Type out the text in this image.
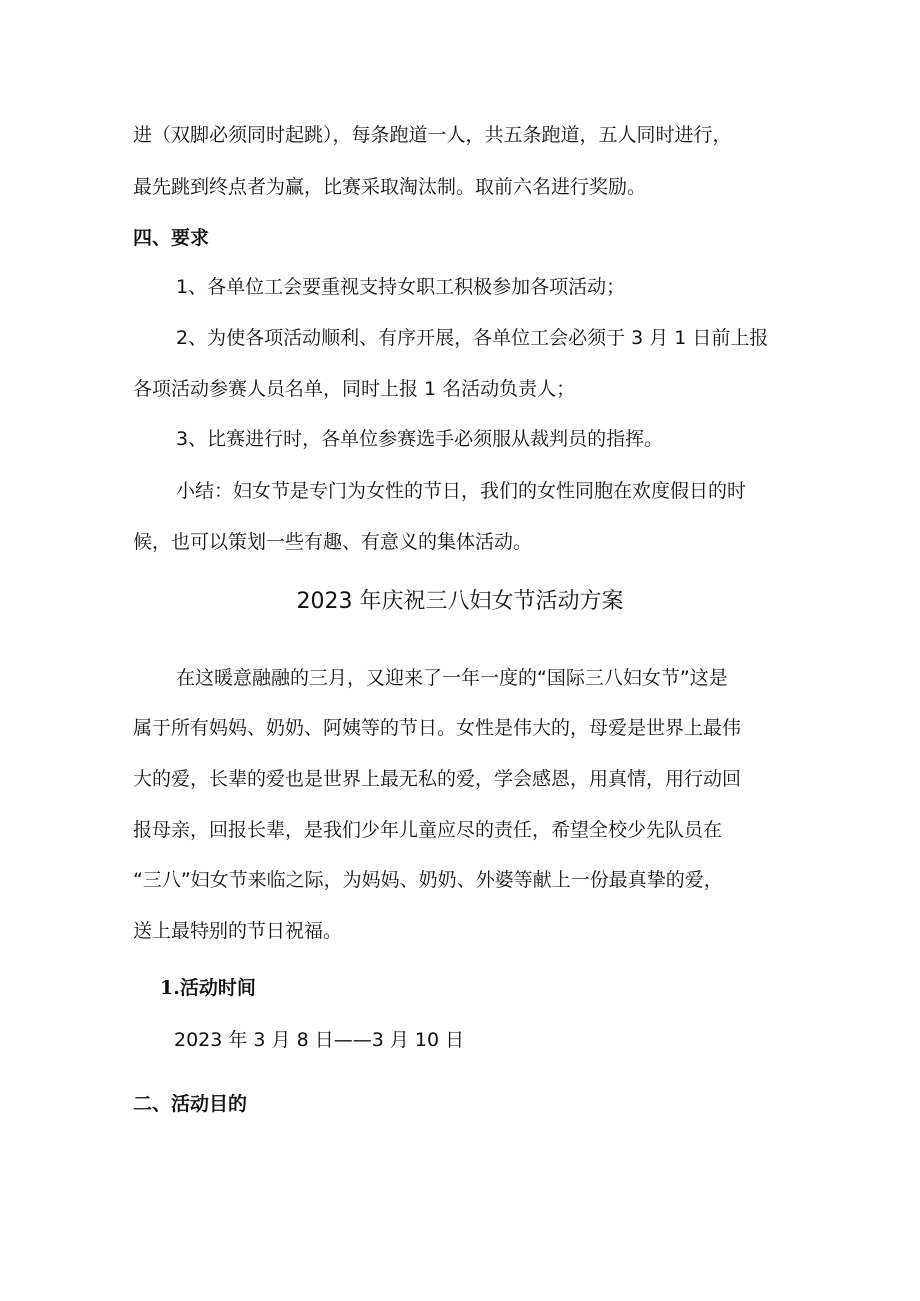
进（双脚必须同时起跳），每条跑道一人，共五条跑道，五人同时进行，

最先跳到终点者为赢，比赛采取淘汰制。取前六名进行奖励。

四、要求

1、各单位工会要重视支持女职工积极参加各项活动；

2、为使各项活动顺利、有序开展，各单位工会必须于 3 月 1 日前上报

各项活动参赛人员名单，同时上报 1 名活动负责人；

3、比赛进行时，各单位参赛选手必须服从裁判员的指挥。

小结：妇女节是专门为女性的节日，我们的女性同胞在欢度假日的时

候，也可以策划一些有趣、有意义的集体活动。

2023 年庆祝三八妇女节活动方案

在这暖意融融的三月，又迎来了一年一度的“国际三八妇女节”这是

属于所有妈妈、奶奶、阿姨等的节日。女性是伟大的，母爱是世界上最伟

大的爱，长辈的爱也是世界上最无私的爱，学会感恩，用真情，用行动回

报母亲，回报长辈，是我们少年儿童应尽的责任，希望全校少先队员在

“三八”妇女节来临之际，为妈妈、奶奶、外婆等献上一份最真挚的爱，

送上最特别的节日祝福。

1.活动时间

2023 年 3 月 8 日——3 月 10 日

二、活动目的
